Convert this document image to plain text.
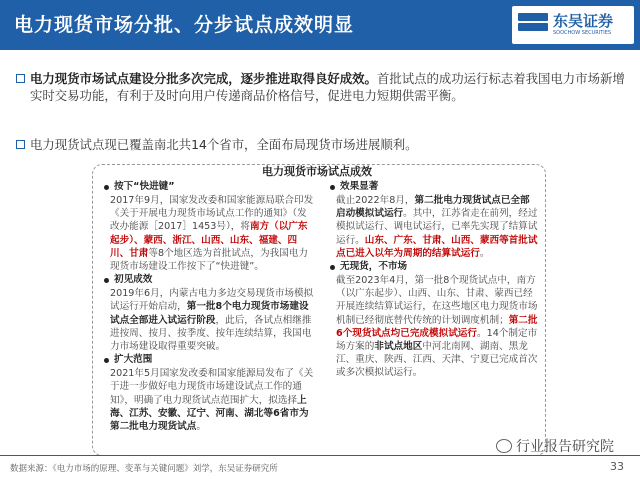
电力现货市场分批、分步试点成效明显	东吴证券
SOOCHOW SECURITIES
电力现货市场试点建设分批多次完成，逐步推进取得良好成效。首批试点的成功运行标志着我国电力市场新增实时交易功能，有利于及时向用户传递商品价格信号，促进电力短期供需平衡。
电力现货试点现已覆盖南北共14个省市，全面布局现货市场进展顺利。
电力现货市场试点成效
按下“快进键”
2017年9月，国家发改委和国家能源局联合印发《关于开展电力现货市场试点工作的通知》（发改办能源［2017］1453号），将南方（以广东起步）、蒙西、浙江、山西、山东、福建、四川、甘肃等8个地区选为首批试点，为我国电力现货市场建设工作按下了“快进键”。
初见成效
2019年6月，内蒙古电力多边交易现货市场模拟试运行开始启动，第一批8个电力现货市场建设试点全部进入试运行阶段，此后，各试点相继推进按周、按月、按季度、按年连续结算，我国电力市场建设取得重要突破。
扩大范围
2021年5月国家发改委和国家能源局发布了《关于进一步做好电力现货市场建设试点工作的通知》，明确了电力现货试点范围扩大，拟选择上海、江苏、安徽、辽宁、河南、湖北等6省市为第二批电力现货试点。
效果显著
截止2022年8月，第二批电力现货试点已全部启动模拟试运行。其中，江苏省走在前列，经过模拟试运行、调电试运行，已率先实现了结算试运行。山东、广东、甘肃、山西、蒙西等首批试点已进入以年为周期的结算试运行。
无现货，不市场
截至2023年4月，第一批8个现货试点中，南方（以广东起步）、山西、山东、甘肃、蒙西已经开展连续结算试运行，在这些地区电力现货市场机制已经彻底替代传统的计划调度机制；第二批6个现货试点均已完成模拟试运行。14个制定市场方案的非试点地区中河北南网、湖南、黑龙江、重庆、陕西、江西、天津、宁夏已完成首次或多次模拟试运行。
行业报告研究院
数据来源：《电力市场的原理、变革与关键问题》刘学，东吴证券研究所	33
